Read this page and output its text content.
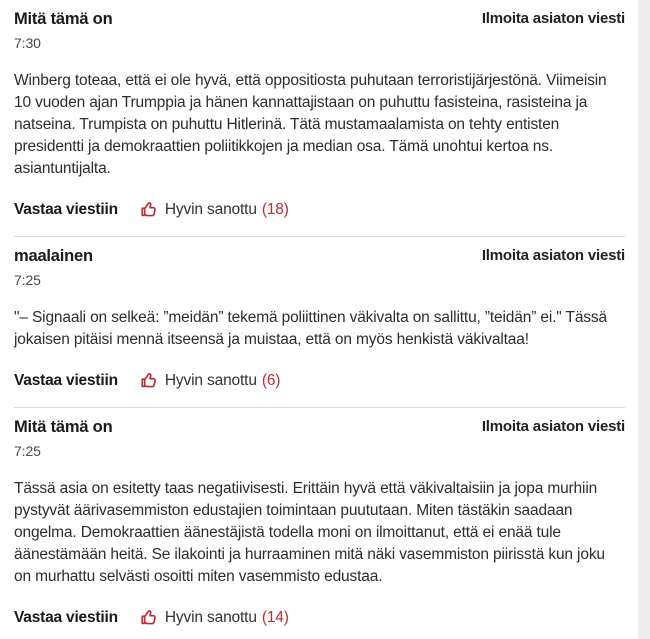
Mitä tämä on	Ilmoita asiaton viesti
7:30
Winberg toteaa, että ei ole hyvä, että oppositiosta puhutaan terroristijärjestönä. Viimeisin 10 vuoden ajan Trumppia ja hänen kannattajistaan on puhuttu fasisteina, rasisteina ja natseina. Trumpista on puhuttu Hitlerinä. Tätä mustamaalamista on tehty entisten presidentti ja demokraattien poliitikkojen ja median osa. Tämä unohtui kertoa ns. asiantuntijalta.
Vastaa viestiin	Hyvin sanottu (18)
maalainen	Ilmoita asiaton viesti
7:25
"– Signaali on selkeä: ”meidän” tekemä poliittinen väkivalta on sallittu, ”teidän” ei." Tässä jokaisen pitäisi mennä itseensä ja muistaa, että on myös henkistä väkivaltaa!
Vastaa viestiin	Hyvin sanottu (6)
Mitä tämä on	Ilmoita asiaton viesti
7:25
Tässä asia on esitetty taas negatiivisesti. Erittäin hyvä että väkivaltaisiin ja jopa murhiin pystyvät äärivasemmiston edustajien toimintaan puututaan. Miten tästäkin saadaan ongelma. Demokraattien äänestäjistä todella moni on ilmoittanut, että ei enää tule äänestämään heitä. Se ilakointi ja hurraaminen mitä näki vasemmiston piirisstä kun joku on murhattu selvästi osoitti miten vasemmisto edustaa.
Vastaa viestiin	Hyvin sanottu (14)
